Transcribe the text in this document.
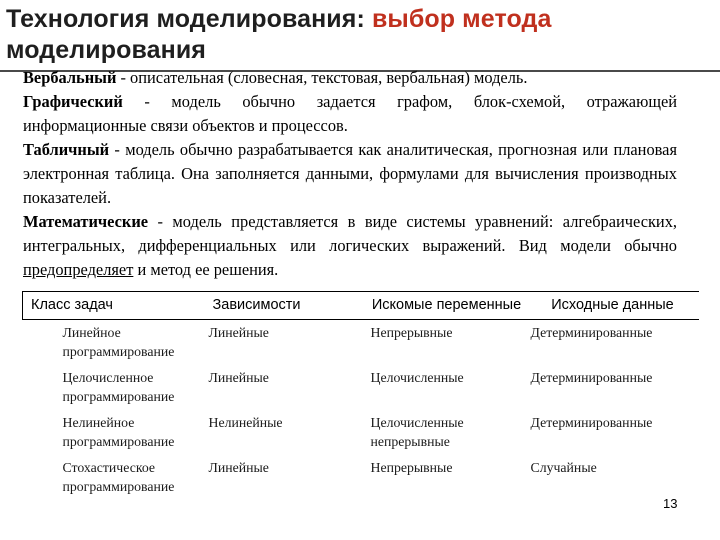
Технология моделирования: выбор метода
моделирования

Вербальный - описательная (словесная, текстовая, вербальная) модель.

Графический - модель обычно задается графом, блок-схемой, отражающей информационные связи объектов и процессов.

Табличный - модель обычно разрабатывается как аналитическая, прогнозная или плановая электронная таблица. Она заполняется данными, формулами для вычисления производных показателей.

Математические - модель представляется в виде системы уравнений: алгебраических, интегральных, дифференциальных или логических выражений. Вид модели обычно предопределяет и метод ее решения.

Класс задач	Зависимости	Искомые переменные	Исходные данные
Линейное программирование	Линейные	Непрерывные	Детерминированные
Целочисленное программирование	Линейные	Целочисленные	Детерминированные
Нелинейное программирование	Нелинейные	Целочисленные непрерывные	Детерминированные
Стохастическое программирование	Линейные	Непрерывные	Случайные
13
